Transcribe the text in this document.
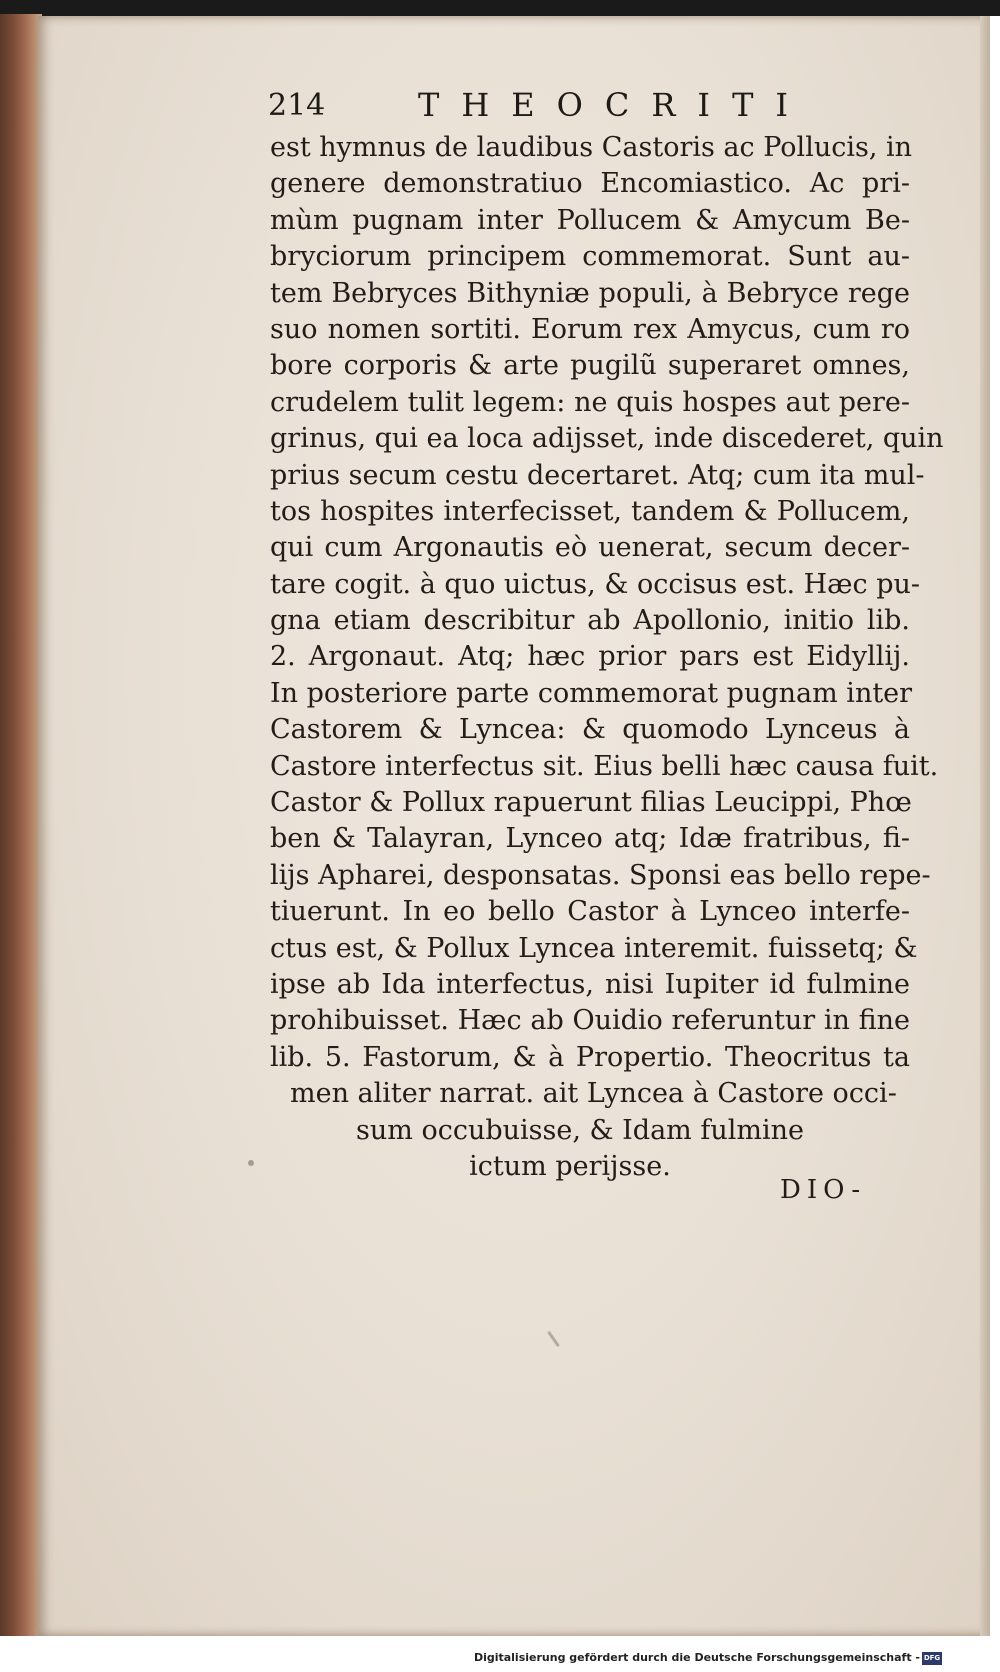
214	THEOCRITI
est hymnus de laudibus Castoris ac Pollucis, in
genere demonstratiuo Encomiastico. Ac pri-
mùm pugnam inter Pollucem & Amycum Be-
bryciorum principem commemorat. Sunt au-
tem Bebryces Bithyniæ populi, à Bebryce rege
suo nomen sortiti. Eorum rex Amycus, cum ro
bore corporis & arte pugilũ superaret omnes,
crudelem tulit legem: ne quis hospes aut pere-
grinus, qui ea loca adijsset, inde discederet, quin
prius secum cestu decertaret. Atq; cum ita mul-
tos hospites interfecisset, tandem & Pollucem,
qui cum Argonautis eò uenerat, secum decer-
tare cogit. à quo uictus, & occisus est. Hæc pu-
gna etiam describitur ab Apollonio, initio lib.
2. Argonaut. Atq; hæc prior pars est Eidyllij.
In posteriore parte commemorat pugnam inter
Castorem & Lyncea: & quomodo Lynceus à
Castore interfectus sit. Eius belli hæc causa fuit.
Castor & Pollux rapuerunt filias Leucippi, Phœ
ben & Talayran, Lynceo atq; Idæ fratribus, fi-
lijs Apharei, desponsatas. Sponsi eas bello repe-
tiuerunt. In eo bello Castor à Lynceo interfe-
ctus est, & Pollux Lyncea interemit. fuissetq; &
ipse ab Ida interfectus, nisi Iupiter id fulmine
prohibuisset. Hæc ab Ouidio referuntur in fine
lib. 5. Fastorum, & à Propertio. Theocritus ta
men aliter narrat. ait Lyncea à Castore occi-
sum occubuisse, & Idam fulmine
ictum perijsse.
DIO-
Digitalisierung gefördert durch die Deutsche Forschungsgemeinschaft - DFG
